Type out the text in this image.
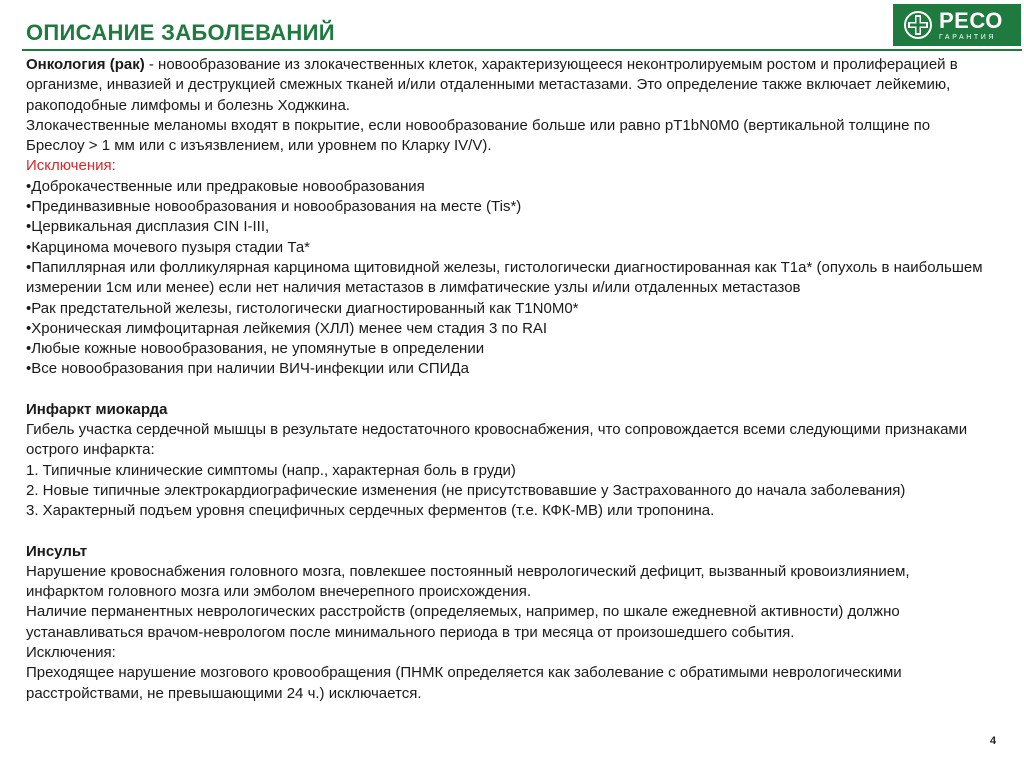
ОПИСАНИЕ ЗАБОЛЕВАНИЙ	РЕСО
ГАРАНТИЯ

Онкология (рак) - новообразование из злокачественных клеток, характеризующееся неконтролируемым ростом и пролиферацией в организме, инвазией и деструкцией смежных тканей и/или отдаленными метастазами. Это определение также включает лейкемию, ракоподобные лимфомы и болезнь Ходжкина.

Злокачественные меланомы входят в покрытие, если новообразование больше или равно pT1bN0M0 (вертикальной толщине по Бреслоу > 1 мм или с изъязвлением, или уровнем по Кларку IV/V).

Исключения:

•Доброкачественные или предраковые новообразования

•Прединвазивные новообразования и новообразования на месте (Tis*)

•Цервикальная дисплазия CIN I-III,

•Карцинома мочевого пузыря стадии Та*

•Папиллярная или фолликулярная карцинома щитовидной железы, гистологически диагностированная как Т1а* (опухоль в наибольшем измерении 1см или менее) если нет наличия метастазов в лимфатические узлы и/или отдаленных метастазов

•Рак предстательной железы, гистологически диагностированный как T1N0M0*

•Хроническая лимфоцитарная лейкемия (ХЛЛ) менее чем стадия 3 по RAI

•Любые кожные новообразования, не упомянутые в определении

•Все новообразования при наличии ВИЧ-инфекции или СПИДа

Инфаркт миокарда

Гибель участка сердечной мышцы в результате недостаточного кровоснабжения, что сопровождается всеми следующими признаками острого инфаркта:

1. Типичные клинические симптомы (напр., характерная боль в груди)

2. Новые типичные электрокардиографические изменения (не присутствовавшие у Застрахованного до начала заболевания)

3. Характерный подъем уровня специфичных сердечных ферментов (т.е. КФК-МВ) или тропонина.

Инсульт

Нарушение кровоснабжения головного мозга, повлекшее постоянный неврологический дефицит, вызванный кровоизлиянием, инфарктом головного мозга или эмболом внечерепного происхождения.

Наличие перманентных неврологических расстройств (определяемых, например, по шкале ежедневной активности) должно устанавливаться врачом-неврологом после минимального периода в три месяца от произошедшего события.

Исключения:

Преходящее нарушение мозгового кровообращения (ПНМК определяется как заболевание с обратимыми неврологическими расстройствами, не превышающими 24 ч.) исключается.

4
